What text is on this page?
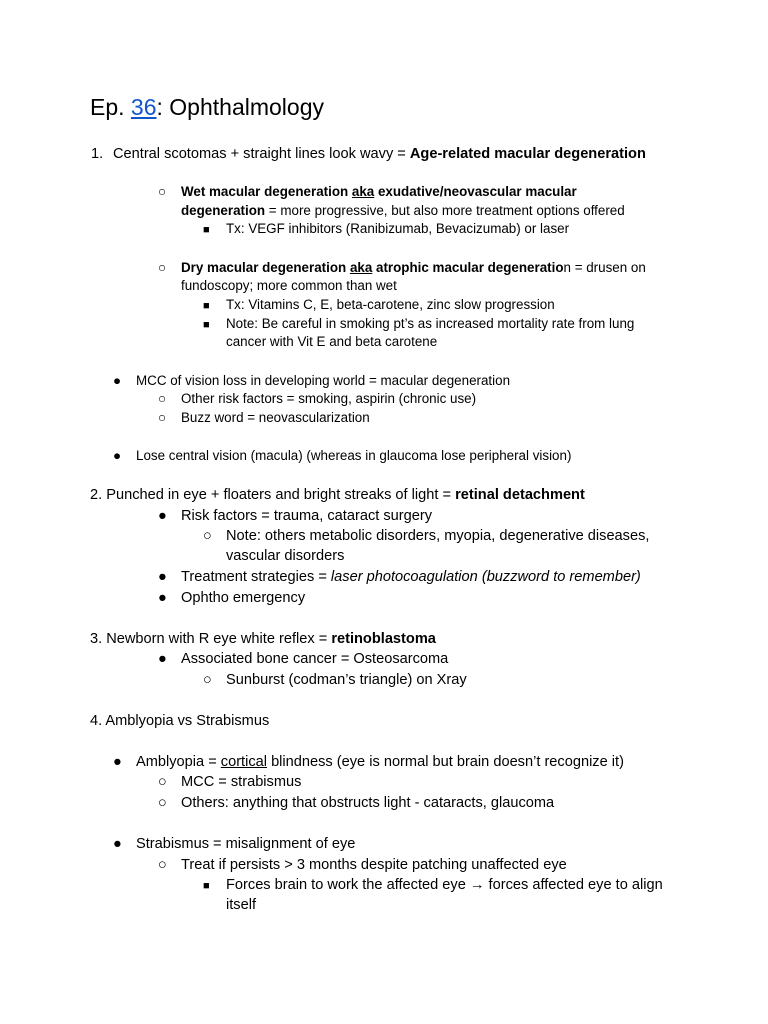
Ep. 36: Ophthalmology
1. Central scotomas + straight lines look wavy = Age-related macular degeneration
○ Wet macular degeneration aka exudative/neovascular macular
degeneration = more progressive, but also more treatment options offered
■ Tx: VEGF inhibitors (Ranibizumab, Bevacizumab) or laser
○ Dry macular degeneration aka atrophic macular degeneration = drusen on
fundoscopy; more common than wet
■ Tx: Vitamins C, E, beta-carotene, zinc slow progression
■ Note: Be careful in smoking pt’s as increased mortality rate from lung
cancer with Vit E and beta carotene
● MCC of vision loss in developing world = macular degeneration
○ Other risk factors = smoking, aspirin (chronic use)
○ Buzz word = neovascularization
● Lose central vision (macula) (whereas in glaucoma lose peripheral vision)
2. Punched in eye + floaters and bright streaks of light = retinal detachment
● Risk factors = trauma, cataract surgery
○ Note: others metabolic disorders, myopia, degenerative diseases,
vascular disorders
● Treatment strategies = laser photocoagulation (buzzword to remember)
● Ophtho emergency
3. Newborn with R eye white reflex = retinoblastoma
● Associated bone cancer = Osteosarcoma
○ Sunburst (codman’s triangle) on Xray
4. Amblyopia vs Strabismus
● Amblyopia = cortical blindness (eye is normal but brain doesn’t recognize it)
○ MCC = strabismus
○ Others: anything that obstructs light - cataracts, glaucoma
● Strabismus = misalignment of eye
○ Treat if persists > 3 months despite patching unaffected eye
■ Forces brain to work the affected eye → forces affected eye to align
itself
